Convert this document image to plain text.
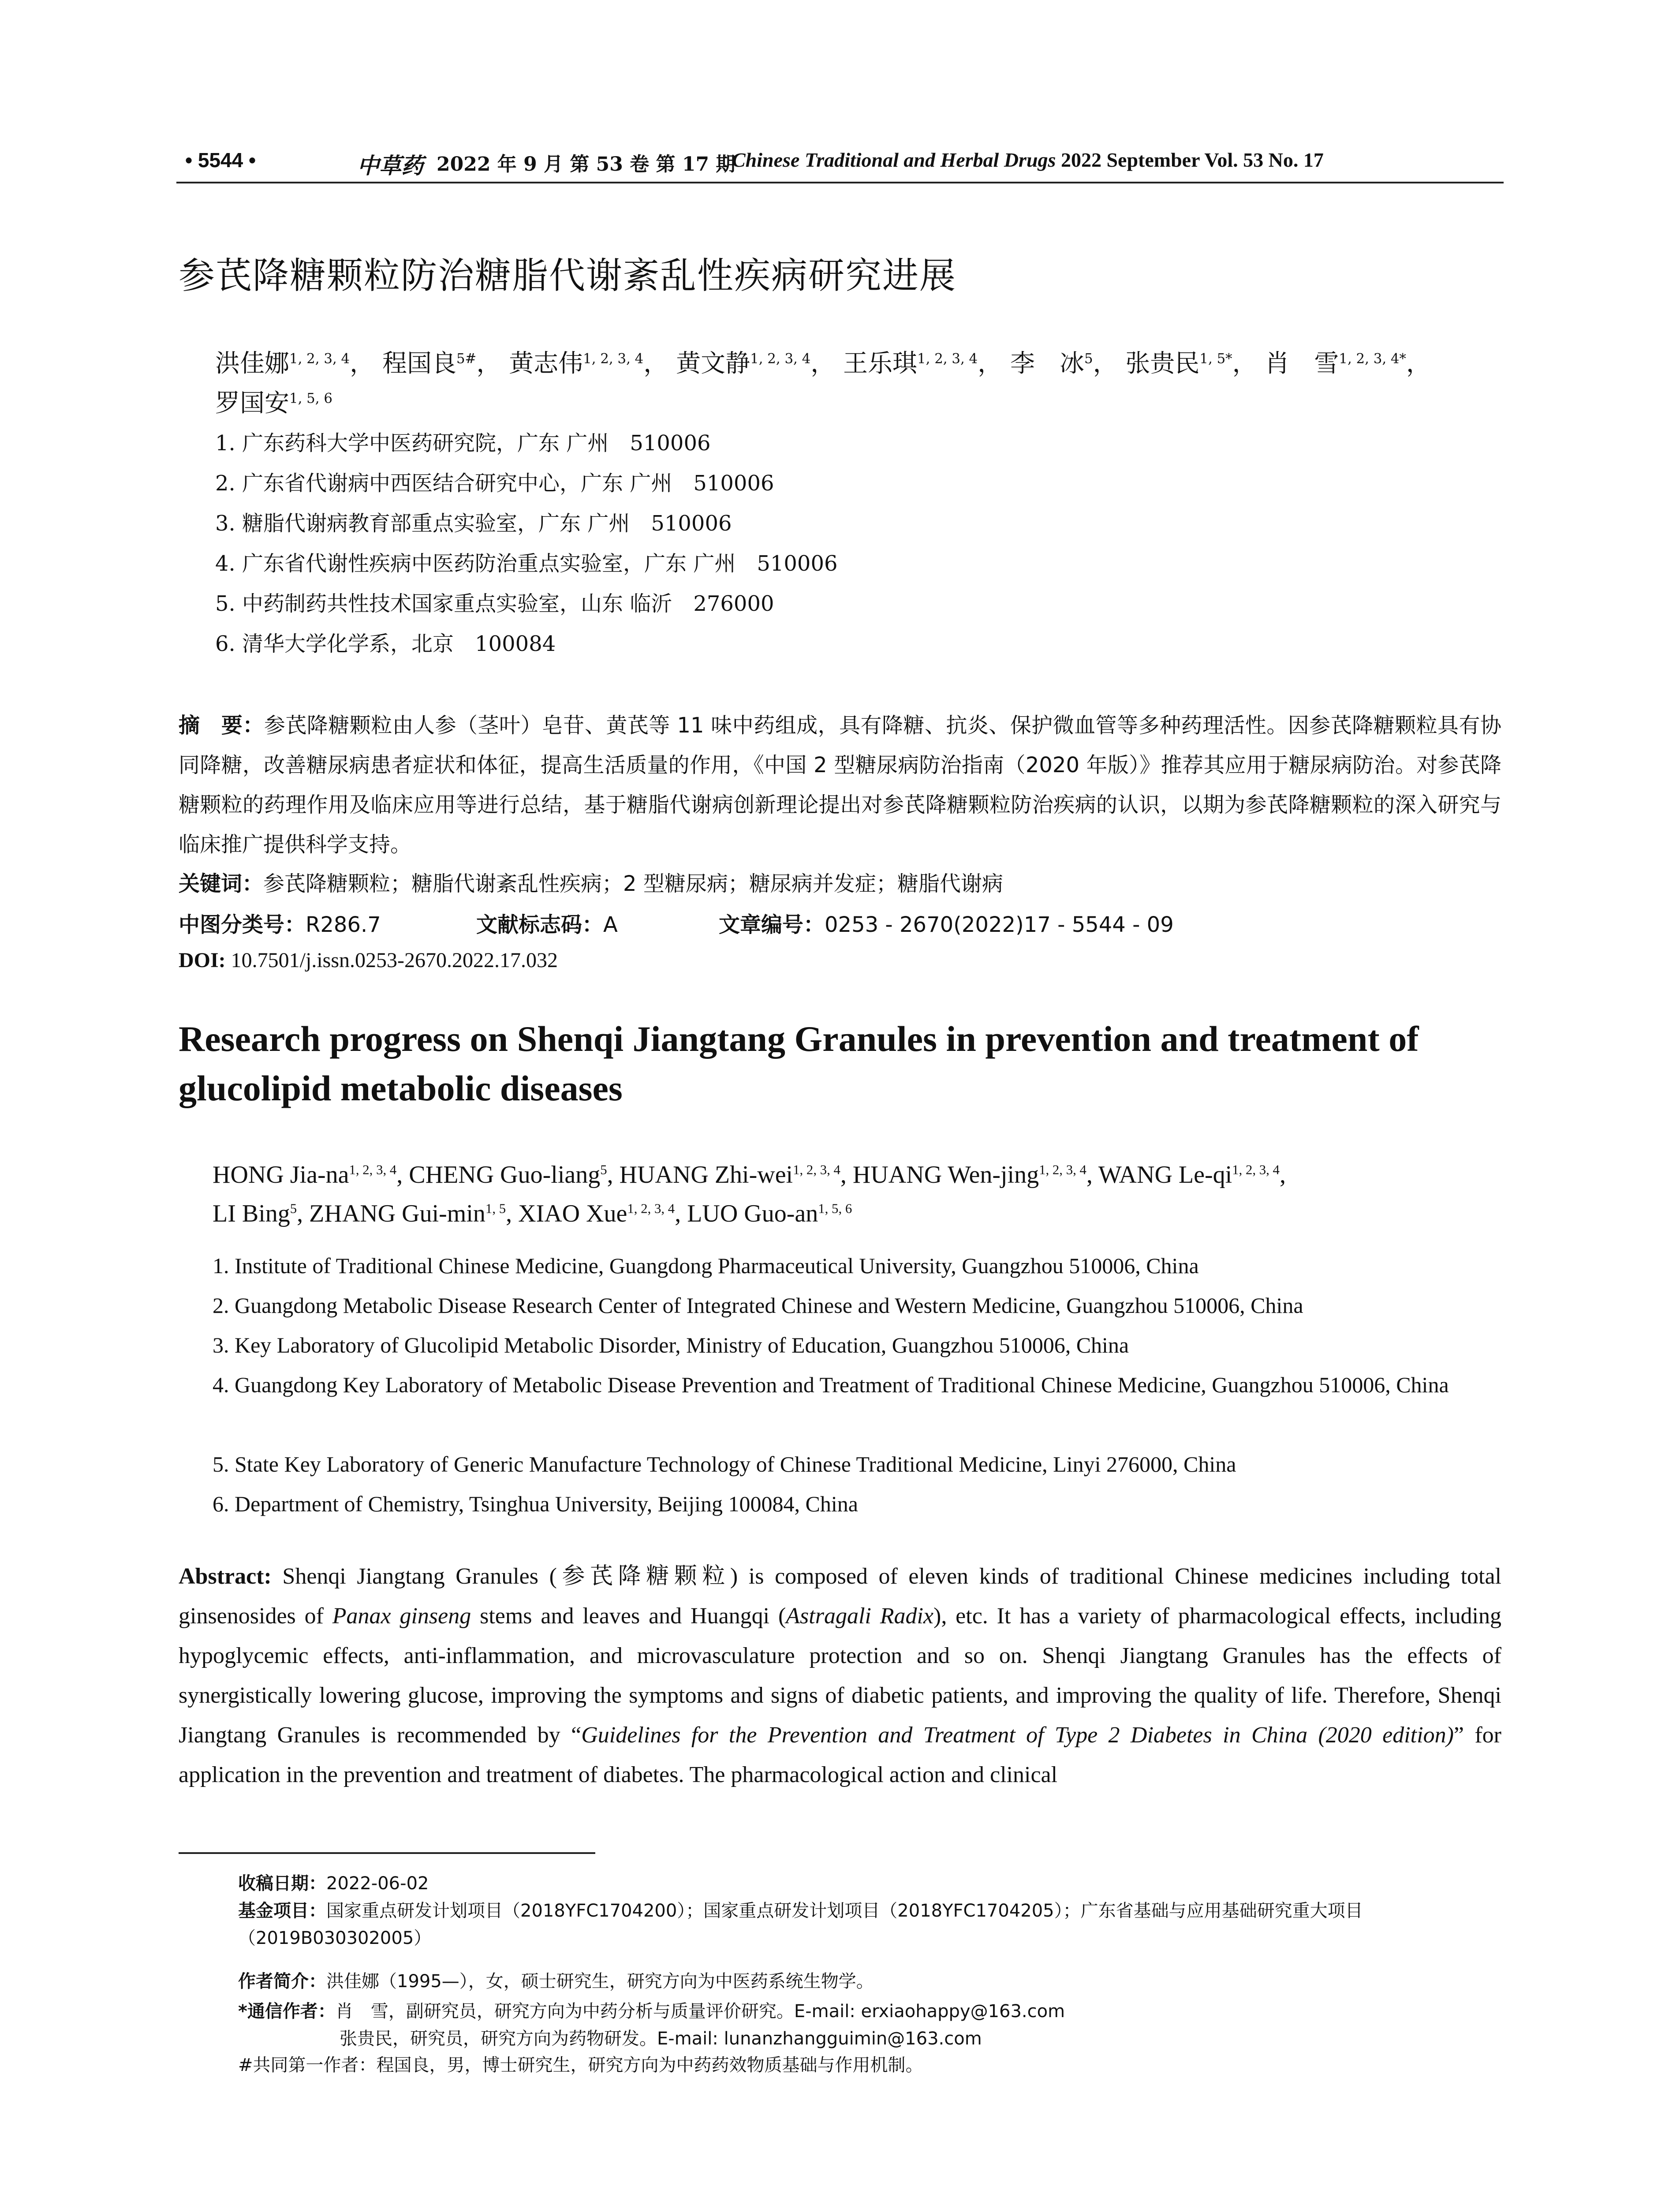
• 5544 •	中草药 2022 年 9 月 第 53 卷 第 17 期
Chinese Traditional and Herbal Drugs 2022 September Vol. 53 No. 17
参芪降糖颗粒防治糖脂代谢紊乱性疾病研究进展
洪佳娜$^{1, 2, 3, 4}$， 程国良$^{5\#}$， 黄志伟$^{1, 2, 3, 4}$， 黄文静$^{1, 2, 3, 4}$， 王乐琪$^{1, 2, 3, 4}$， 李　冰$^5$， 张贵民$^{1, 5*}$， 肖　雪$^{1, 2, 3, 4*}$，
罗国安$^{1, 5, 6}$
1. 广东药科大学中医药研究院，广东 广州　510006
2. 广东省代谢病中西医结合研究中心，广东 广州　510006
3. 糖脂代谢病教育部重点实验室，广东 广州　510006
4. 广东省代谢性疾病中医药防治重点实验室，广东 广州　510006
5. 中药制药共性技术国家重点实验室，山东 临沂　276000
6. 清华大学化学系，北京　100084
摘　要：参芪降糖颗粒由人参（茎叶）皂苷、黄芪等 11 味中药组成，具有降糖、抗炎、保护微血管等多种药理活性。因参芪降糖颗粒具有协同降糖，改善糖尿病患者症状和体征，提高生活质量的作用，《中国 2 型糖尿病防治指南（2020 年版）》推荐其应用于糖尿病防治。对参芪降糖颗粒的药理作用及临床应用等进行总结，基于糖脂代谢病创新理论提出对参芪降糖颗粒防治疾病的认识，以期为参芪降糖颗粒的深入研究与临床推广提供科学支持。
关键词：参芪降糖颗粒；糖脂代谢紊乱性疾病；2 型糖尿病；糖尿病并发症；糖脂代谢病
中图分类号：R286.7	文献标志码：A	文章编号：0253 - 2670(2022)17 - 5544 - 09
DOI: 10.7501/j.issn.0253-2670.2022.17.032
Research progress on Shenqi Jiangtang Granules in prevention and treatment of glucolipid metabolic diseases
HONG Jia-na$^{1, 2, 3, 4}$, CHENG Guo-liang$^5$, HUANG Zhi-wei$^{1, 2, 3, 4}$, HUANG Wen-jing$^{1, 2, 3, 4}$, WANG Le-qi$^{1, 2, 3, 4}$,
LI Bing$^5$, ZHANG Gui-$\min^{1, 5}$, XIAO Xue$^{1, 2, 3, 4}$, LUO Guo-an$^{1, 5, 6}$
1. Institute of Traditional Chinese Medicine, Guangdong Pharmaceutical University, Guangzhou 510006, China
2. Guangdong Metabolic Disease Research Center of Integrated Chinese and Western Medicine, Guangzhou 510006, China
3. Key Laboratory of Glucolipid Metabolic Disorder, Ministry of Education, Guangzhou 510006, China
4. Guangdong Key Laboratory of Metabolic Disease Prevention and Treatment of Traditional Chinese Medicine, Guangzhou 510006, China
5. State Key Laboratory of Generic Manufacture Technology of Chinese Traditional Medicine, Linyi 276000, China
6. Department of Chemistry, Tsinghua University, Beijing 100084, China
Abstract: Shenqi Jiangtang Granules (参芪降糖颗粒) is composed of eleven kinds of traditional Chinese medicines including total ginsenosides of Panax ginseng stems and leaves and Huangqi (Astragali Radix), etc. It has a variety of pharmacological effects, including hypoglycemic effects, anti-inflammation, and microvasculature protection and so on. Shenqi Jiangtang Granules has the effects of synergistically lowering glucose, improving the symptoms and signs of diabetic patients, and improving the quality of life. Therefore, Shenqi Jiangtang Granules is recommended by “Guidelines for the Prevention and Treatment of Type 2 Diabetes in China (2020 edition)” for application in the prevention and treatment of diabetes. The pharmacological action and clinical
收稿日期：2022-06-02
基金项目：国家重点研发计划项目（2018YFC1704200）；国家重点研发计划项目（2018YFC1704205）；广东省基础与应用基础研究重大项目（2019B030302005）
作者简介：洪佳娜（1995—），女，硕士研究生，研究方向为中医药系统生物学。
*通信作者：肖　雪，副研究员，研究方向为中药分析与质量评价研究。E-mail: erxiaohappy@163.com
张贵民，研究员，研究方向为药物研发。E-mail: lunanzhangguimin@163.com
#共同第一作者：程国良，男，博士研究生，研究方向为中药药效物质基础与作用机制。
